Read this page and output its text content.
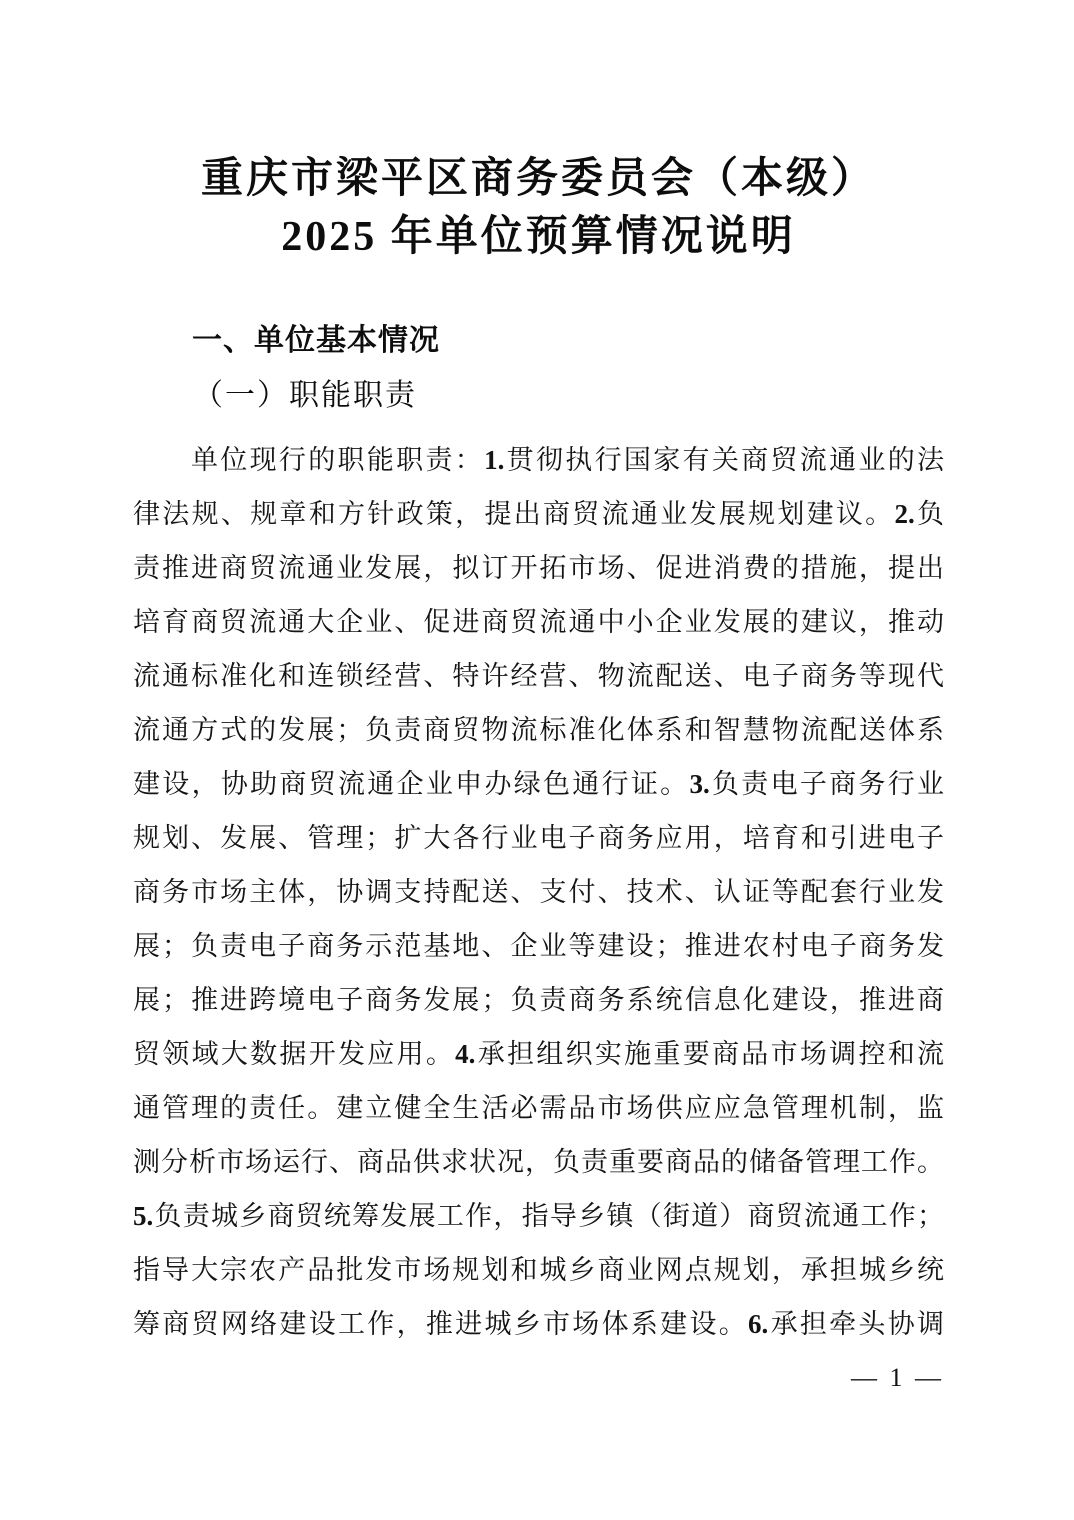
重庆市梁平区商务委员会（本级）
2025 年单位预算情况说明
一、单位基本情况
（一）职能职责
单位现行的职能职责：1.贯彻执行国家有关商贸流通业的法
律法规、规章和方针政策，提出商贸流通业发展规划建议。2.负
责推进商贸流通业发展，拟订开拓市场、促进消费的措施，提出
培育商贸流通大企业、促进商贸流通中小企业发展的建议，推动
流通标准化和连锁经营、特许经营、物流配送、电子商务等现代
流通方式的发展；负责商贸物流标准化体系和智慧物流配送体系
建设，协助商贸流通企业申办绿色通行证。3.负责电子商务行业
规划、发展、管理；扩大各行业电子商务应用，培育和引进电子
商务市场主体，协调支持配送、支付、技术、认证等配套行业发
展；负责电子商务示范基地、企业等建设；推进农村电子商务发
展；推进跨境电子商务发展；负责商务系统信息化建设，推进商
贸领域大数据开发应用。4.承担组织实施重要商品市场调控和流
通管理的责任。建立健全生活必需品市场供应应急管理机制，监
测分析市场运行、商品供求状况，负责重要商品的储备管理工作。
5.负责城乡商贸统筹发展工作，指导乡镇（街道）商贸流通工作；
指导大宗农产品批发市场规划和城乡商业网点规划，承担城乡统
筹商贸网络建设工作，推进城乡市场体系建设。6.承担牵头协调
— 1 —
